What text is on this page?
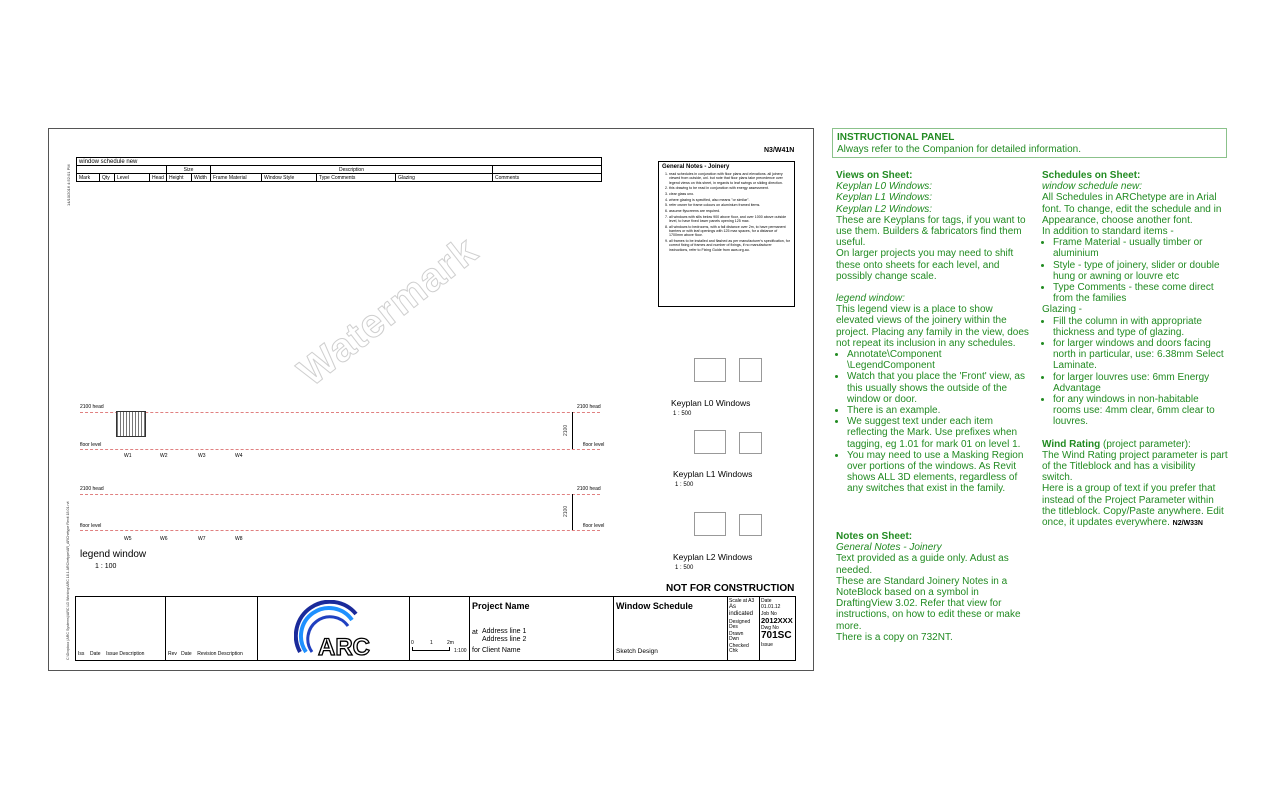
14/10/2016 4:52:01 PM
C:\Dropbox (ARC Systems)\ARC LD Working\ARC 18.1 ARChetype\AR_ARChetype Revit 18.01.rvt
N3/W41N
window schedule new										
				Size		Description				
Mark	Qty	Level	Head	Height	Width	Frame Material	Window Style	Type Comments	Glazing	Comments
General Notes - Joinery
1. read schedules in conjunction with floor plans and elevations. all joinery viewed from outside, unl. but note that floor plans take precedence over legend views on this sheet, in regards to leaf swings or sliding direction.
2. this drawing to be read in conjunction with energy assessment.
3. clear glass uno.
4. where glazing is specified, also means "or similar".
5. refer owner for frame colours on aluminium framed items.
6. assume flyscreens are required.
7. all windows with sills below 900 above floor, and over 1000 above outside level, to have fixed lower panels opening 125 max.
8. all windows to bedrooms, with a fall distance over 2m, to have permanent barriers or with leaf openings with 125 max spaces, for a distance of 1700mm above floor.
9. all frames to be installed and flashed as per manufacturer's specification, for correct fixing of frames and number of fixings, if no manufacturer instructions, refer to Fixing Guide from awa.org.au.
Watermark
2100 head	2100 head
floor level	floor level
2100
W1	W2	W3	W4
2100 head	2100 head
floor level	floor level
2100
W5	W6	W7	W8
legend window
1 : 100
Keyplan L0 Windows
1 : 500
Keyplan L1 Windows
1 : 500
Keyplan L2 Windows
1 : 500
NOT FOR CONSTRUCTION
Iss Date Issue Description	Rev Date Revision Description	ARC	0	1	2m
1:100
Project Name
at Address line 1
Address line 2
for Client Name
Window Schedule
Sketch Design
Scale at A3
As indicated
Designed
Des
Drawn
Dwn
Checked
Chk
Date
01.01.12
Job No
2012XXX
Dwg No
701SC
Issue
INSTRUCTIONAL PANEL
Always refer to the Companion for detailed information.
Views on Sheet:
Keyplan L0 Windows:
Keyplan L1 Windows:
Keyplan L2 Windows:
These are Keyplans for tags, if you want to use them. Builders & fabricators find them useful.
On larger projects you may need to shift these onto sheets for each level, and possibly change scale.
legend window:
This legend view is a place to show elevated views of the joinery within the project. Placing any family in the view, does not repeat its inclusion in any schedules.
• Annotate\Component \LegendComponent
• Watch that you place the 'Front' view, as this usually shows the outside of the window or door.
• There is an example.
• We suggest text under each item reflecting the Mark. Use prefixes when tagging, eg 1.01 for mark 01 on level 1.
• You may need to use a Masking Region over portions of the windows. As Revit shows ALL 3D elements, regardless of any switches that exist in the family.
Notes on Sheet:
General Notes - Joinery
Text provided as a guide only. Adust as needed.
These are Standard Joinery Notes in a NoteBlock based on a symbol in DraftingView 3.02. Refer that view for instructions, on how to edit these or make more.
There is a copy on 732NT.
Schedules on Sheet:
window schedule new:
All Schedules in ARChetype are in Arial font. To change, edit the schedule and in Appearance, choose another font.
In addition to standard items -
• Frame Material - usually timber or aluminium
• Style - type of joinery, slider or double hung or awning or louvre etc
• Type Comments - these come direct from the families
Glazing -
• Fill the column in with appropriate thickness and type of glazing.
• for larger windows and doors facing north in particular, use: 6.38mm Select Laminate.
• for larger louvres use: 6mm Energy Advantage
• for any windows in non-habitable rooms use: 4mm clear, 6mm clear to louvres.
Wind Rating (project parameter):
The Wind Rating project parameter is part of the Titleblock and has a visibility switch.
Here is a group of text if you prefer that instead of the Project Parameter within the titleblock. Copy/Paste anywhere. Edit once, it updates everywhere. N2/W33N
